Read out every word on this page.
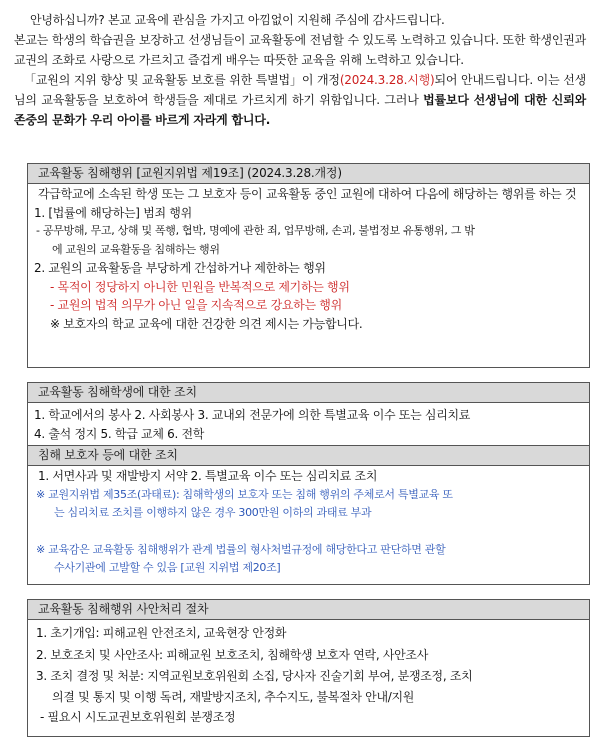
안녕하십니까? 본교 교육에 관심을 가지고 아낌없이 지원해 주심에 감사드립니다.

본교는 학생의 학습권을 보장하고 선생님들이 교육활동에 전념할 수 있도록 노력하고 있습니다. 또한 학생인권과 교권의 조화로 사랑으로 가르치고 즐겁게 배우는 따뜻한 교육을 위해 노력하고 있습니다.

「교원의 지위 향상 및 교육활동 보호를 위한 특별법」이 개정(2024.3.28.시행)되어 안내드립니다. 이는 선생님의 교육활동을 보호하여 학생들을 제대로 가르치게 하기 위함입니다. 그러나 법률보다 선생님에 대한 신뢰와 존중의 문화가 우리 아이를 바르게 자라게 합니다.

교육활동 침해행위 [교원지위법 제19조] (2024.3.28.개정)
각급학교에 소속된 학생 또는 그 보호자 등이 교육활동 중인 교원에 대하여 다음에 해당하는 행위를 하는 것
1. [법률에 해당하는] 범죄 행위
- 공무방해, 무고, 상해 및 폭행, 협박, 명예에 관한 죄, 업무방해, 손괴, 불법정보 유통행위, 그 밖
에 교원의 교육활동을 침해하는 행위
2. 교원의 교육활동을 부당하게 간섭하거나 제한하는 행위
- 목적이 정당하지 아니한 민원을 반복적으로 제기하는 행위
- 교원의 법적 의무가 아닌 일을 지속적으로 강요하는 행위
※ 보호자의 학교 교육에 대한 건강한 의견 제시는 가능합니다.
교육활동 침해학생에 대한 조치
1. 학교에서의 봉사 2. 사회봉사 3. 교내외 전문가에 의한 특별교육 이수 또는 심리치료
4. 출석 정지 5. 학급 교체 6. 전학
침해 보호자 등에 대한 조치
1. 서면사과 및 재발방지 서약 2. 특별교육 이수 또는 심리치료 조치
※ 교원지위법 제35조(과태료): 침해학생의 보호자 또는 침해 행위의 주체로서 특별교육 또
는 심리치료 조치를 이행하지 않은 경우 300만원 이하의 과태료 부과
※ 교육감은 교육활동 침해행위가 관계 법률의 형사처벌규정에 해당한다고 판단하면 관할
수사기관에 고발할 수 있음 [교원 지위법 제20조]
교육활동 침해행위 사안처리 절차
1. 초기개입: 피해교원 안전조치, 교육현장 안정화
2. 보호조치 및 사안조사: 피해교원 보호조치, 침해학생 보호자 연락, 사안조사
3. 조치 결정 및 처분: 지역교원보호위원회 소집, 당사자 진술기회 부여, 분쟁조정, 조치
의결 및 통지 및 이행 독려, 재발방지조치, 추수지도, 불복절차 안내/지원
- 필요시 시도교권보호위원회 분쟁조정
